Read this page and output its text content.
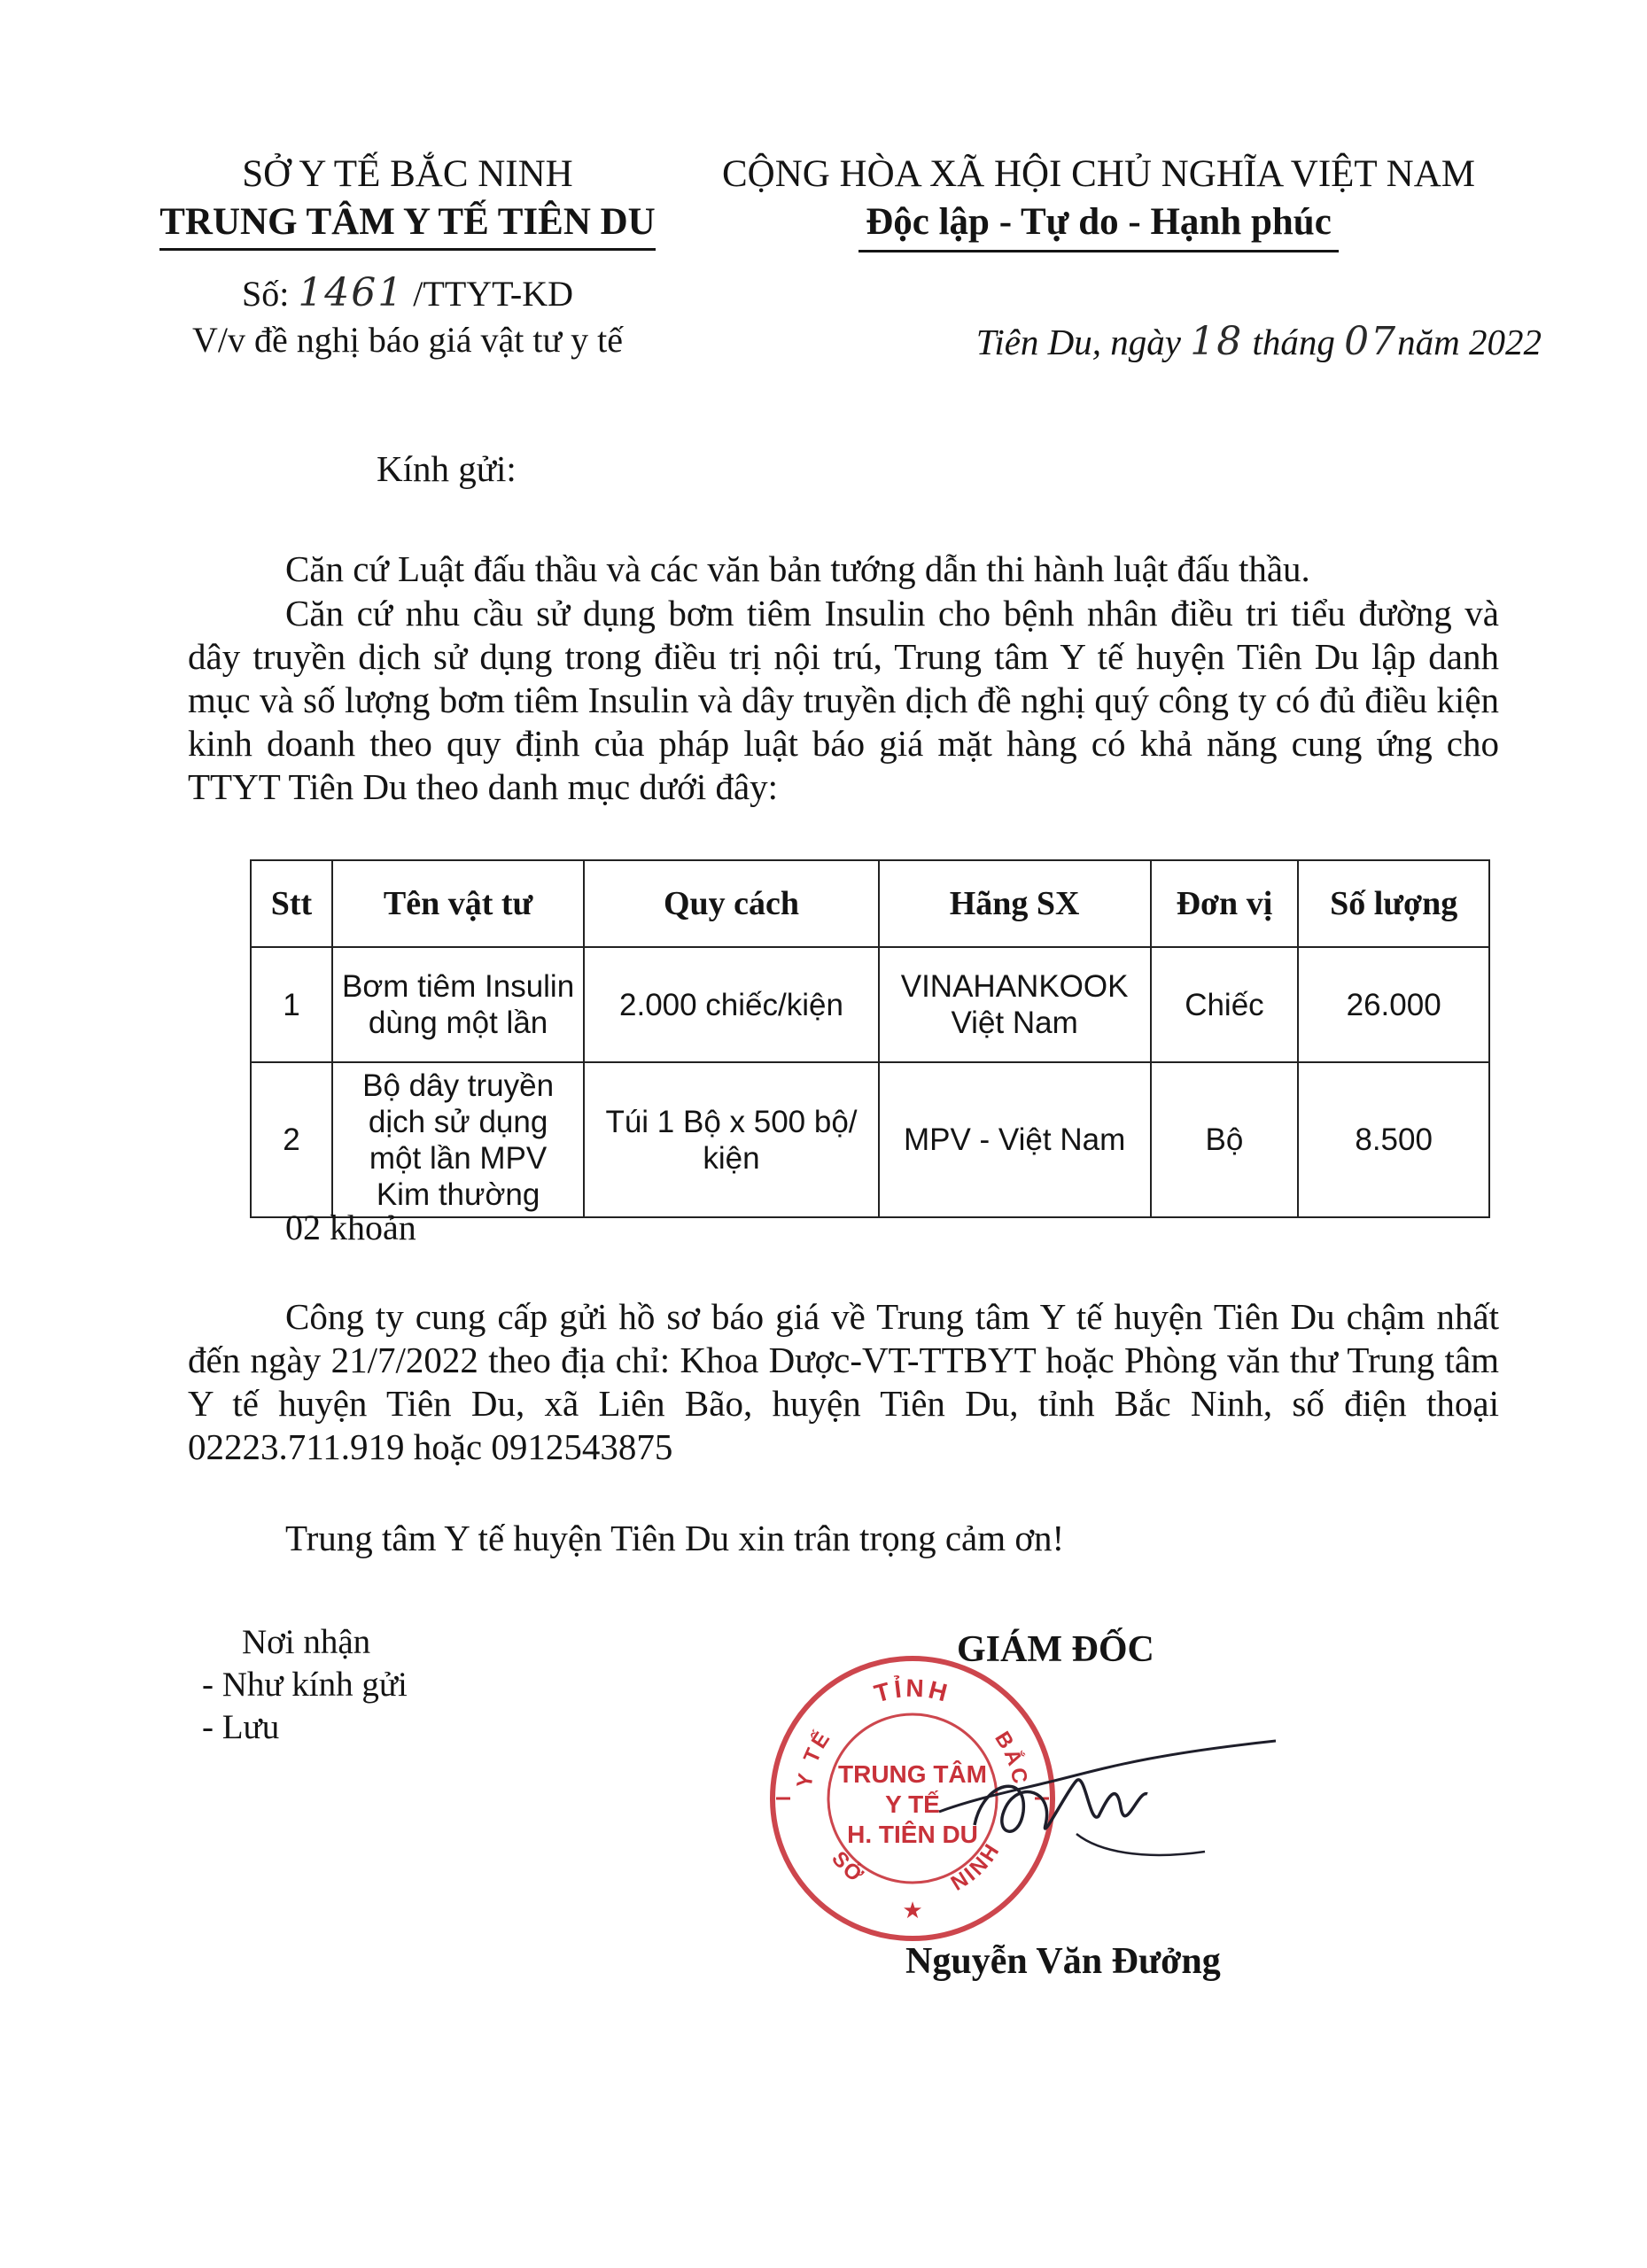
SỞ Y TẾ BẮC NINH
TRUNG TÂM Y TẾ TIÊN DU
Số: 1461 /TTYT-KD
V/v đề nghị báo giá vật tư y tế
CỘNG HÒA XÃ HỘI CHỦ NGHĨA VIỆT NAM
Độc lập - Tự do - Hạnh phúc
Tiên Du, ngày 18 tháng 07năm 2022
Kính gửi:
Căn cứ Luật đấu thầu và các văn bản tướng dẫn thi hành luật đấu thầu.
Căn cứ nhu cầu sử dụng bơm tiêm Insulin cho bệnh nhân điều tri tiểu đường và dây truyền dịch sử dụng trong điều trị nội trú, Trung tâm Y tế huyện Tiên Du lập danh mục và số lượng bơm tiêm Insulin và dây truyền dịch đề nghị quý công ty có đủ điều kiện kinh doanh theo quy định của pháp luật báo giá mặt hàng có khả năng cung ứng cho TTYT Tiên Du theo danh mục dưới đây:
Stt	Tên vật tư	Quy cách	Hãng SX	Đơn vị	Số lượng
1	Bơm tiêm Insulin dùng một lần	2.000 chiếc/kiện	VINAHANKOOK Việt Nam	Chiếc	26.000
2	Bộ dây truyền dịch sử dụng một lần MPV Kim thường	Túi 1 Bộ x 500 bộ/ kiện	MPV - Việt Nam	Bộ	8.500
02 khoản
Công ty cung cấp gửi hồ sơ báo giá về Trung tâm Y tế huyện Tiên Du chậm nhất đến ngày 21/7/2022 theo địa chỉ: Khoa Dược-VT-TTBYT hoặc Phòng văn thư Trung tâm Y tế huyện Tiên Du, xã Liên Bão, huyện Tiên Du, tỉnh Bắc Ninh, số điện thoại 02223.711.919 hoặc 0912543875
Trung tâm Y tế huyện Tiên Du xin trân trọng cảm ơn!
Nơi nhận
- Như kính gửi
- Lưu
GIÁM ĐỐC
TỈNH
Y TẾ	BẮC
SỞ	NINH
TRUNG TÂM
Y TẾ
H. TIÊN DU
★
Nguyễn Văn Đưởng
